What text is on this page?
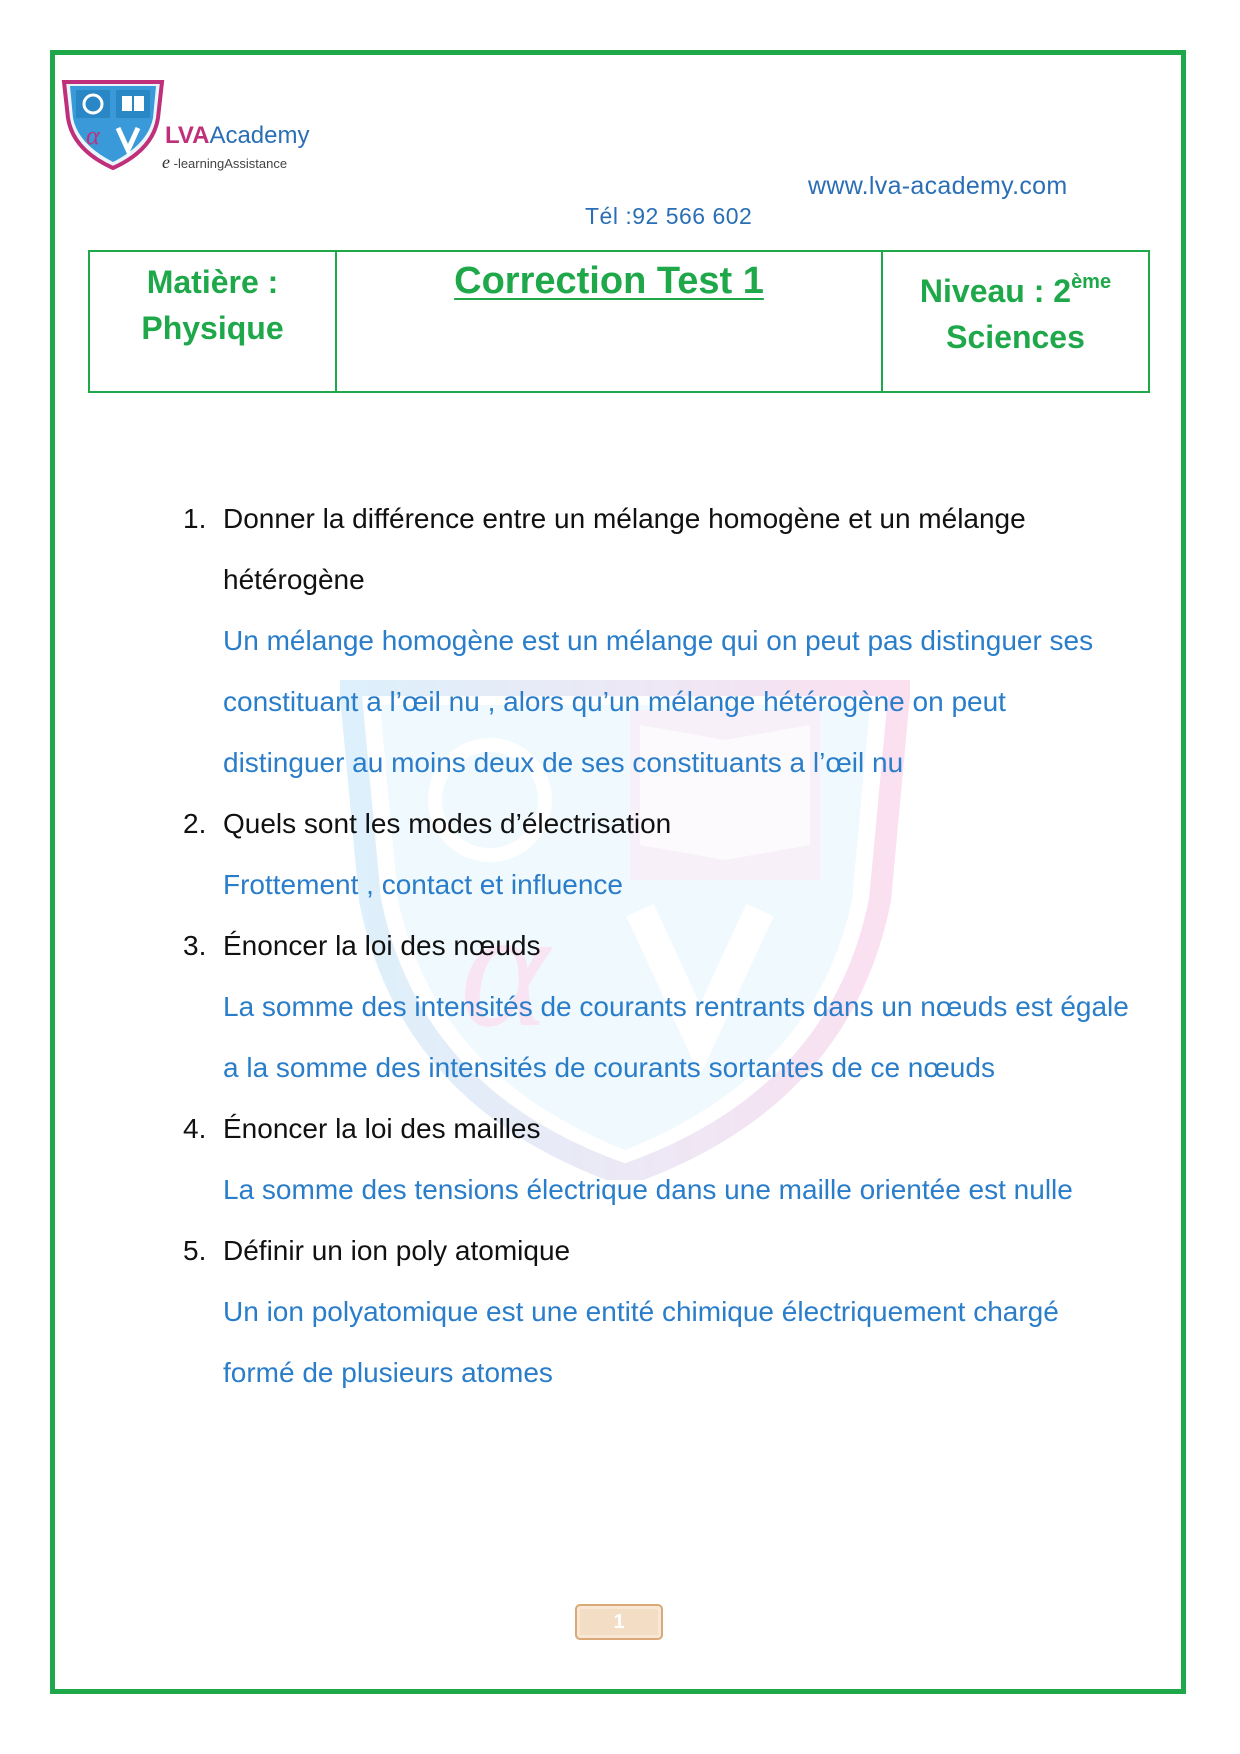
α	LVAAcademy
e -learningAssistance
www.lva-academy.com
Tél :92 566 602
Matière :
Physique
Correction Test 1	Niveau : 2ème
Sciences
α
1. Donner la différence entre un mélange homogène et un mélange hétérogène
Un mélange homogène est un mélange qui on peut pas distinguer ses constituant a l’œil nu , alors qu’un mélange hétérogène on peut distinguer au moins deux de ses constituants a l’œil nu
2. Quels sont les modes d’électrisation
Frottement , contact et influence
3. Énoncer la loi des nœuds
La somme des intensités de courants rentrants dans un nœuds est égale a la somme des intensités de courants sortantes de ce nœuds
4. Énoncer la loi des mailles
La somme des tensions électrique dans une maille orientée est nulle
5. Définir un ion poly atomique
Un ion polyatomique est une entité chimique électriquement chargé formé de plusieurs atomes
1
